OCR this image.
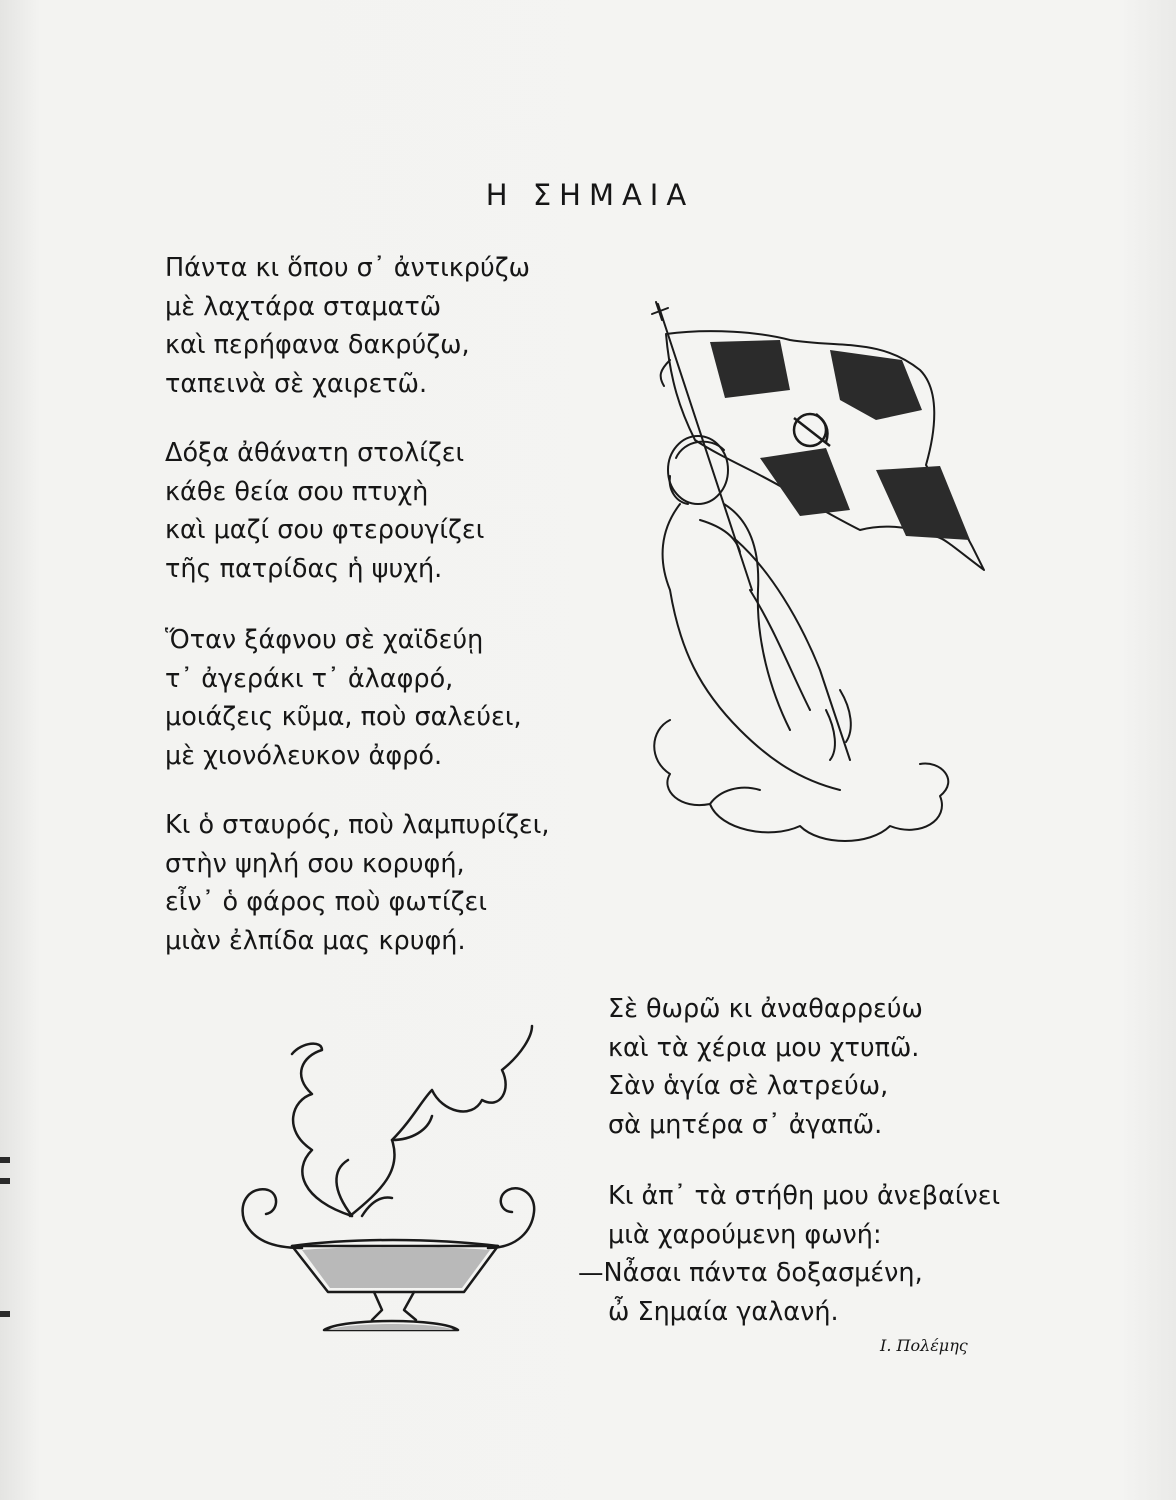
Η ΣΗΜΑΙΑ
Πάντα κι ὅπου σ᾽ ἀντικρύζω
μὲ λαχτάρα σταματῶ
καὶ περήφανα δακρύζω,
ταπεινὰ σὲ χαιρετῶ.
Δόξα ἀθάνατη στολίζει
κάθε θεία σου πτυχὴ
καὶ μαζί σου φτερουγίζει
τῆς πατρίδας ἡ ψυχή.
Ὅταν ξάφνου σὲ χαϊδεύῃ
τ᾽ ἀγεράκι τ᾽ ἀλαφρό,
μοιάζεις κῦμα, ποὺ σαλεύει,
μὲ χιονόλευκον ἀφρό.
Κι ὁ σταυρός, ποὺ λαμπυρίζει,
στὴν ψηλή σου κορυφή,
εἶν᾽ ὁ φάρος ποὺ φωτίζει
μιὰν ἐλπίδα μας κρυφή.
Σὲ θωρῶ κι ἀναθαρρεύω
καὶ τὰ χέρια μου χτυπῶ.
Σὰν ἁγία σὲ λατρεύω,
σὰ μητέρα σ᾽ ἀγαπῶ.
Κι ἀπ᾽ τὰ στήθη μου ἀνεβαίνει
μιὰ χαρούμενη φωνή:
—Νἆσαι πάντα δοξασμένη,
ὦ Σημαία γαλανή.
Ι. Πολέμης
